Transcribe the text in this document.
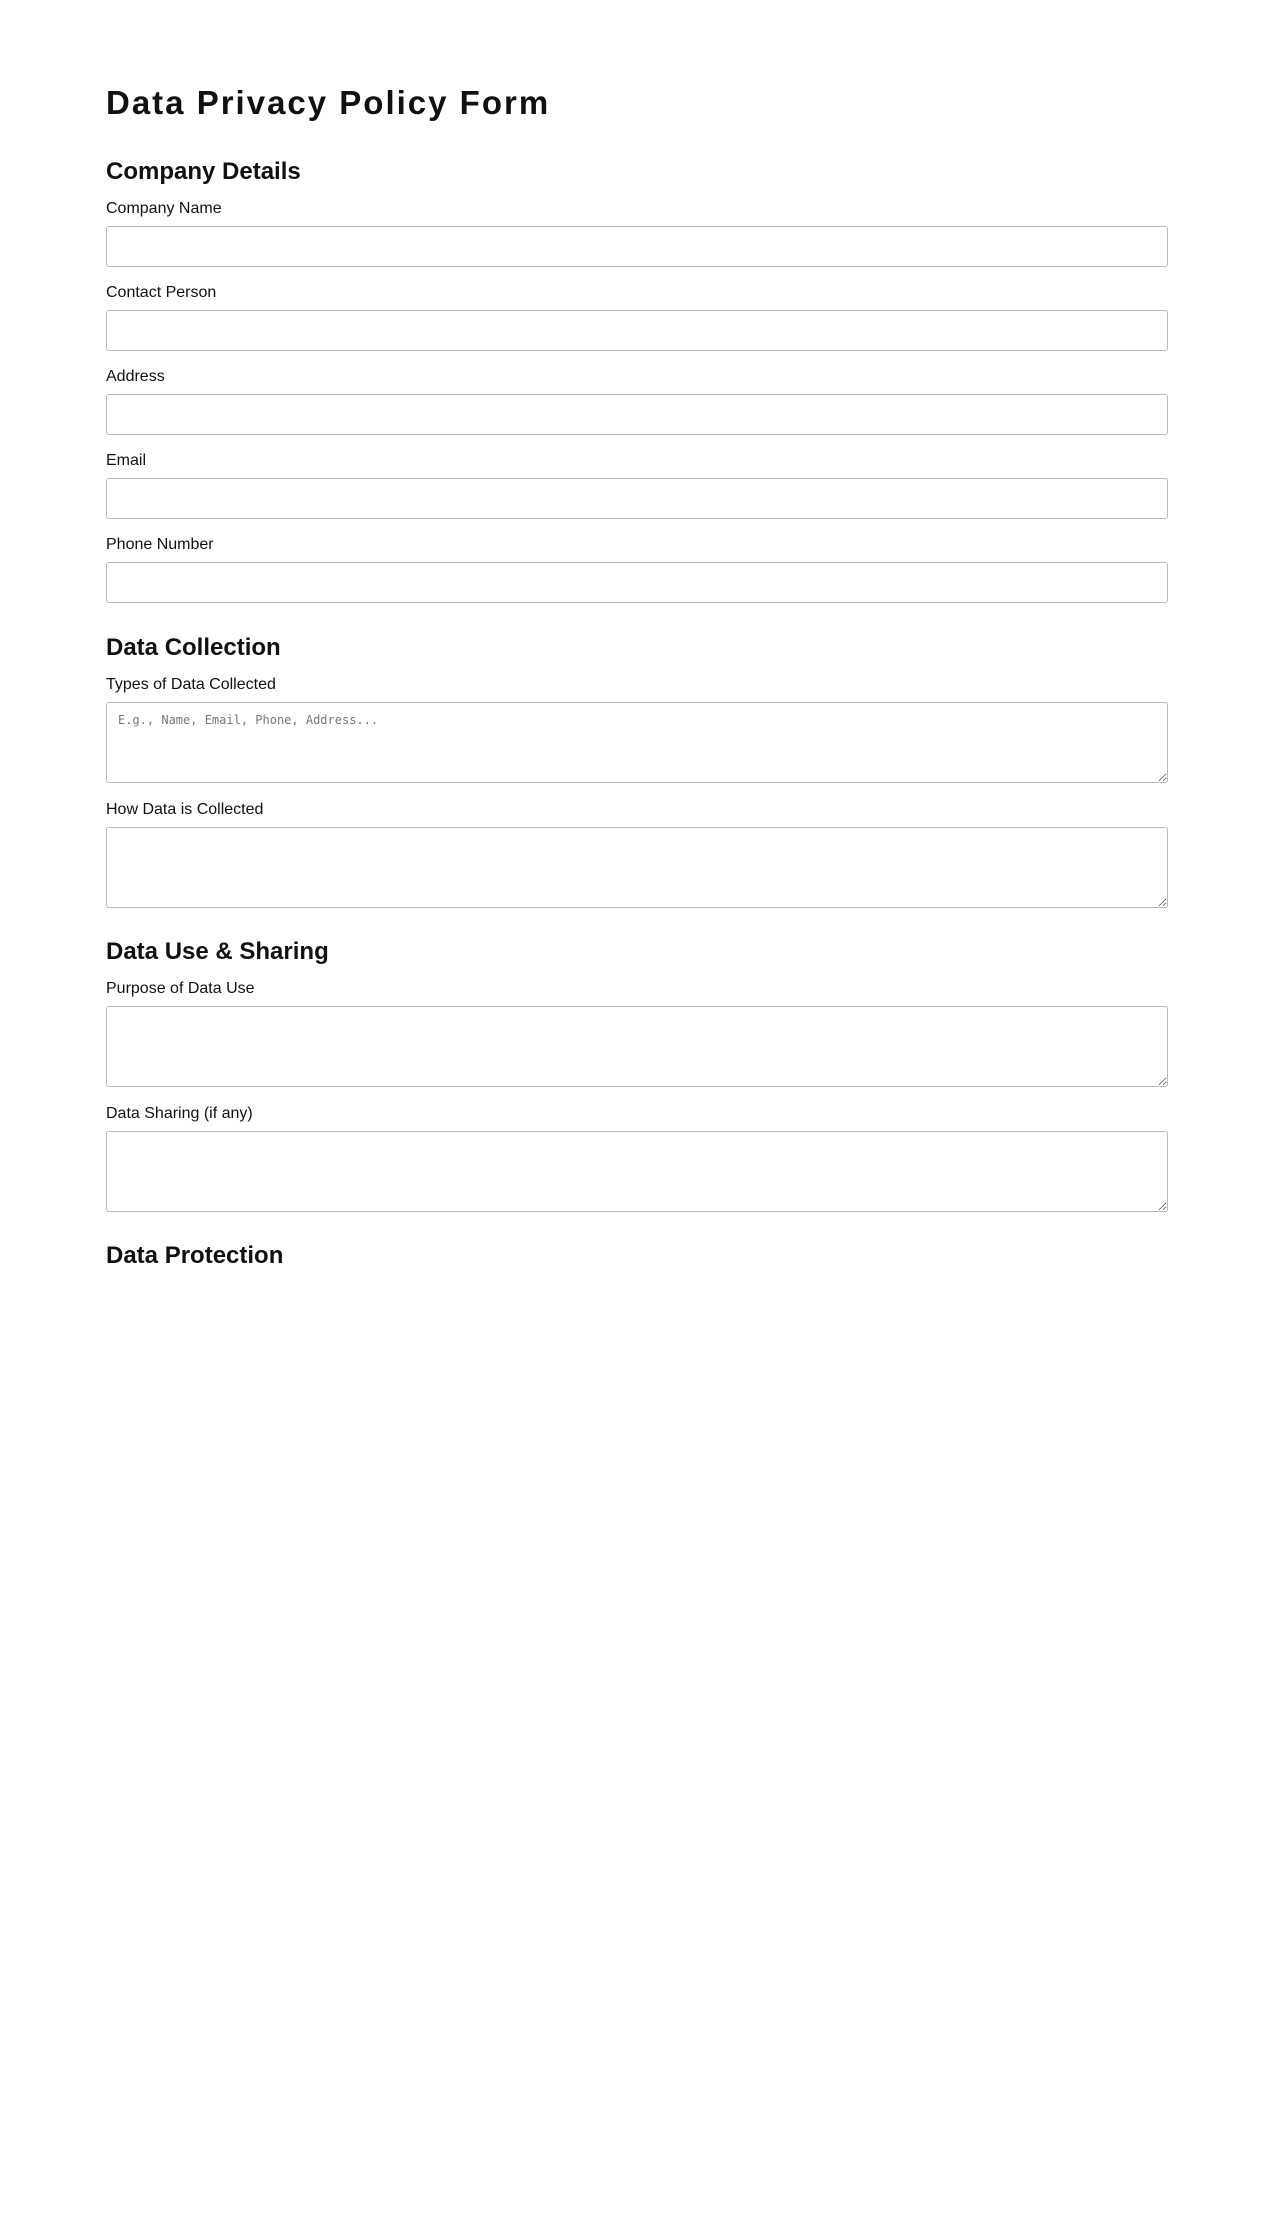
Data Privacy Policy Form
Company Details
Company Name
Contact Person
Address
Email
Phone Number
Data Collection
Types of Data Collected
E.g., Name, Email, Phone, Address...
How Data is Collected
Data Use & Sharing
Purpose of Data Use
Data Sharing (if any)
Data Protection
